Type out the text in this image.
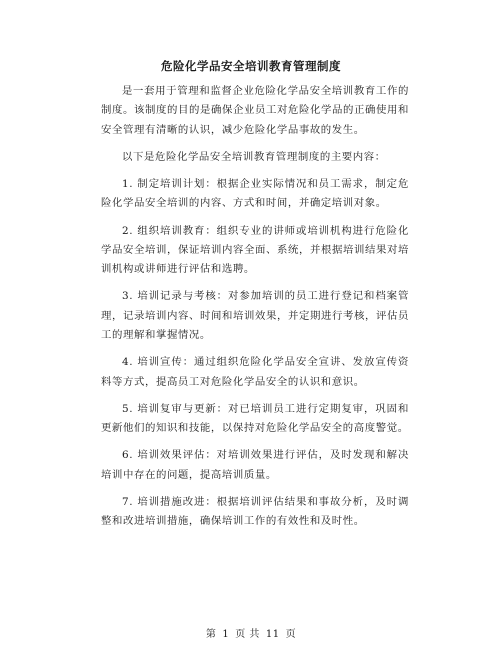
危险化学品安全培训教育管理制度

是一套用于管理和监督企业危险化学品安全培训教育工作的制度。该制度的目的是确保企业员工对危险化学品的正确使用和安全管理有清晰的认识，减少危险化学品事故的发生。

以下是危险化学品安全培训教育管理制度的主要内容：

1. 制定培训计划：根据企业实际情况和员工需求，制定危险化学品安全培训的内容、方式和时间，并确定培训对象。

2. 组织培训教育：组织专业的讲师或培训机构进行危险化学品安全培训，保证培训内容全面、系统，并根据培训结果对培训机构或讲师进行评估和选聘。

3. 培训记录与考核：对参加培训的员工进行登记和档案管理，记录培训内容、时间和培训效果，并定期进行考核，评估员工的理解和掌握情况。

4. 培训宣传：通过组织危险化学品安全宣讲、发放宣传资料等方式，提高员工对危险化学品安全的认识和意识。

5. 培训复审与更新：对已培训员工进行定期复审，巩固和更新他们的知识和技能，以保持对危险化学品安全的高度警觉。

6. 培训效果评估：对培训效果进行评估，及时发现和解决培训中存在的问题，提高培训质量。

7. 培训措施改进：根据培训评估结果和事故分析，及时调整和改进培训措施，确保培训工作的有效性和及时性。

第 1 页 共 11 页
